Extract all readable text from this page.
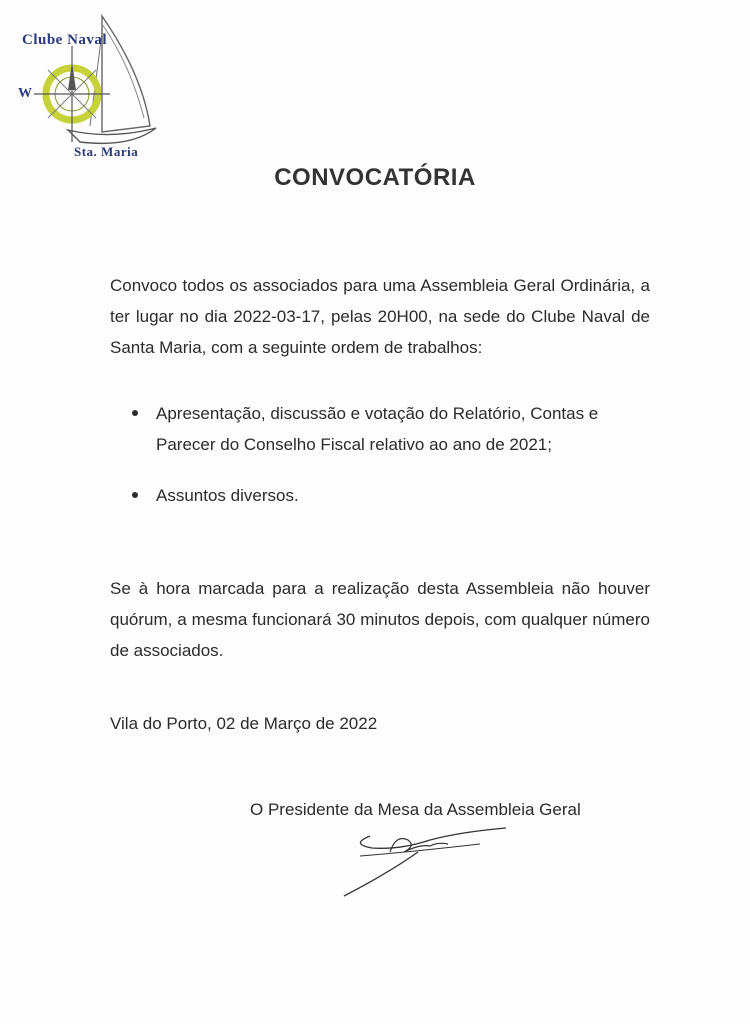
Clube Naval
W
Sta. Maria
CONVOCATÓRIA
Convoco todos os associados para uma Assembleia Geral Ordinária, a ter lugar no dia 2022-03-17, pelas 20H00, na sede do Clube Naval de Santa Maria, com a seguinte ordem de trabalhos:
Apresentação, discussão e votação do Relatório, Contas e Parecer do Conselho Fiscal relativo ao ano de 2021;
Assuntos diversos.
Se à hora marcada para a realização desta Assembleia não houver quórum, a mesma funcionará 30 minutos depois, com qualquer número de associados.
Vila do Porto, 02 de Março de 2022
O Presidente da Mesa da Assembleia Geral
